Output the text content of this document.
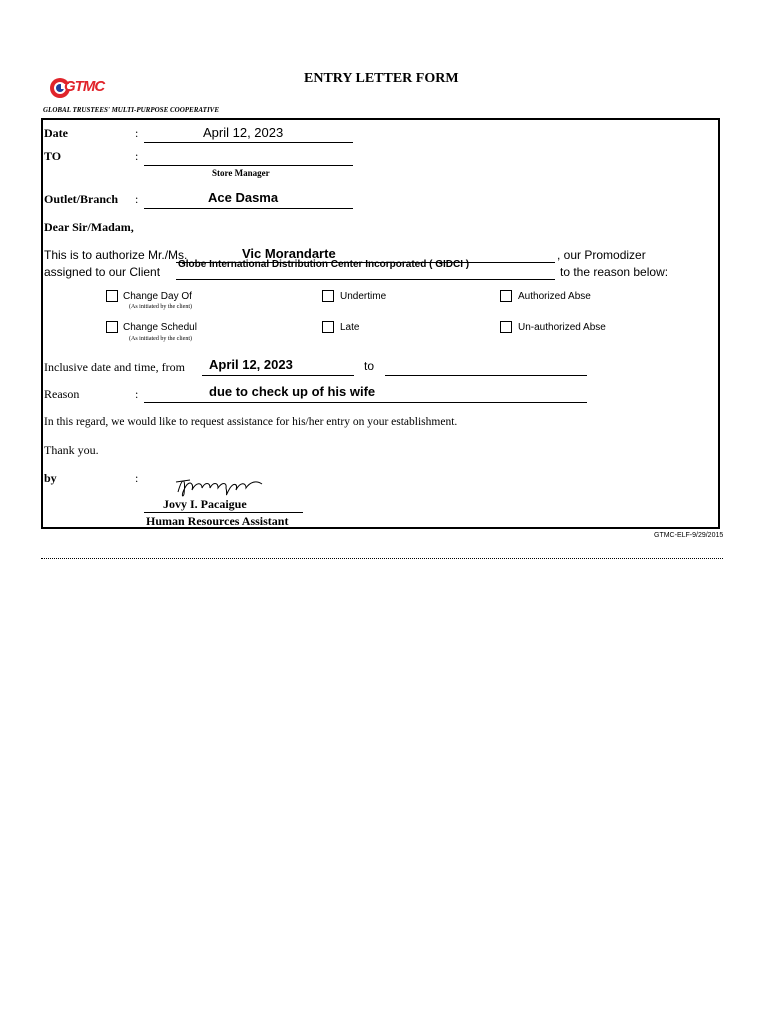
GTMC
GLOBAL TRUSTEES' MULTI-PURPOSE COOPERATIVE
ENTRY LETTER FORM
Date	:	April 12, 2023
TO	:
Store Manager
Outlet/Branch :	Ace Dasma
Dear Sir/Madam,
This is to authorize Mr./Ms.	Vic Morandarte	, our Promodizer
assigned to our Client
Globe International Distribution Center Incorporated ( GIDCI )
to the reason below:
Change Day Of
(As initiated by the client)
Undertime	Authorized Abse
Change Schedul
(As initiated by the client)
Late	Un-authorized Abse
Inclusive date and time, from April 12, 2023	to
Reason	:	due to check up of his wife
In this regard, we would like to request assistance for his/her entry on your establishment.
Thank you.
by	:
Jovy I. Pacaigue
Human Resources Assistant
GTMC-ELF-9/29/2015
